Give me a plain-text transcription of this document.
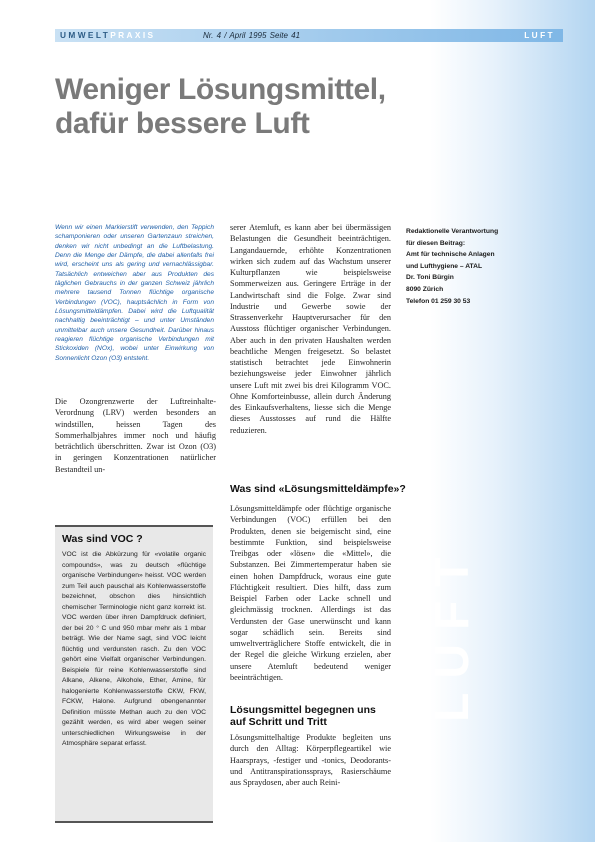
UMWELTPRAXIS	Nr. 4 / April 1995 Seite 41	LUFT
Weniger Lösungsmittel,
dafür bessere Luft

Wenn wir einen Markierstift verwenden, den Teppich schamponieren oder unseren Gartenzaun streichen, denken wir nicht unbedingt an die Luftbelastung. Denn die Menge der Dämpfe, die dabei allenfalls frei wird, erscheint uns als gering und vernachlässigbar. Tatsächlich entweichen aber aus Produkten des täglichen Gebrauchs in der ganzen Schweiz jährlich mehrere tausend Tonnen flüchtige organische Verbindungen (VOC), hauptsächlich in Form von Lösungsmitteldämpfen. Dabei wird die Luftqualität nachhaltig beeinträchtigt – und unter Umständen unmittelbar auch unsere Gesundheit. Darüber hinaus reagieren flüchtige organische Verbindungen mit Stickoxiden (NOx), wobei unter Einwirkung von Sonnenlicht Ozon (O3) entsteht.

Die Ozongrenzwerte der Luftreinhalte-Verordnung (LRV) werden besonders an windstillen, heissen Tagen des Sommerhalbjahres immer noch und häufig beträchtlich überschritten. Zwar ist Ozon (O3) in geringen Konzentrationen natürlicher Bestandteil un-

Was sind VOC ?

VOC ist die Abkürzung für «volatile organic compounds», was zu deutsch «flüchtige organische Verbindungen» heisst. VOC werden zum Teil auch pauschal als Kohlenwasserstoffe bezeichnet, obschon dies hinsichtlich chemischer Terminologie nicht ganz korrekt ist. VOC werden über ihren Dampfdruck definiert, der bei 20 ° C und 950 mbar mehr als 1 mbar beträgt. Wie der Name sagt, sind VOC leicht flüchtig und verdunsten rasch. Zu den VOC gehört eine Vielfalt organischer Verbindungen. Beispiele für reine Kohlenwasserstoffe sind Alkane, Alkene, Alkohole, Ether, Amine, für halogenierte Kohlenwasserstoffe CKW, FKW, FCKW, Halone. Aufgrund obengenannter Definition müsste Methan auch zu den VOC gezählt werden, es wird aber wegen seiner unterschiedlichen Wirkungsweise in der Atmosphäre separat erfasst.

serer Atemluft, es kann aber bei übermässigen Belastungen die Gesundheit beeinträchtigen. Langandauernde, erhöhte Konzentrationen wirken sich zudem auf das Wachstum unserer Kulturpflanzen wie beispielsweise Sommerweizen aus. Geringere Erträge in der Landwirtschaft sind die Folge. Zwar sind Industrie und Gewerbe sowie der Strassenverkehr Hauptverursacher für den Ausstoss flüchtiger organischer Verbindungen. Aber auch in den privaten Haushalten werden beachtliche Mengen freigesetzt. So belastet statistisch betrachtet jede Einwohnerin beziehungsweise jeder Einwohner jährlich unsere Luft mit zwei bis drei Kilogramm VOC. Ohne Komforteinbusse, allein durch Änderung des Einkaufsverhaltens, liesse sich die Menge dieses Ausstosses auf rund die Hälfte reduzieren.

Was sind «Lösungsmitteldämpfe»?

Lösungsmitteldämpfe oder flüchtige organische Verbindungen (VOC) erfüllen bei den Produkten, denen sie beigemischt sind, eine bestimmte Funktion, sind beispielsweise Treibgas oder «lösen» die «Mittel», die Substanzen. Bei Zimmertemperatur haben sie einen hohen Dampfdruck, woraus eine gute Flüchtigkeit resultiert. Dies hilft, dass zum Beispiel Farben oder Lacke schnell und gleichmässig trocknen. Allerdings ist das Verdunsten der Gase unerwünscht und kann sogar schädlich sein. Bereits sind umweltverträglichere Stoffe entwickelt, die in der Regel die gleiche Wirkung erzielen, aber unsere Atemluft bedeutend weniger beeinträchtigen.

Lösungsmittel begegnen uns
auf Schritt und Tritt

Lösungsmittelhaltige Produkte begleiten uns durch den Alltag: Körperpflegeartikel wie Haarsprays, -festiger und -tonics, Deodorants- und Antitranspirationssprays, Rasierschäume aus Spraydosen, aber auch Reini-

Redaktionelle Verantwortung
für diesen Beitrag:
Amt für technische Anlagen
und Lufthygiene – ATAL
Dr. Toni Bürgin
8090 Zürich
Telefon 01 259 30 53
LUFT
